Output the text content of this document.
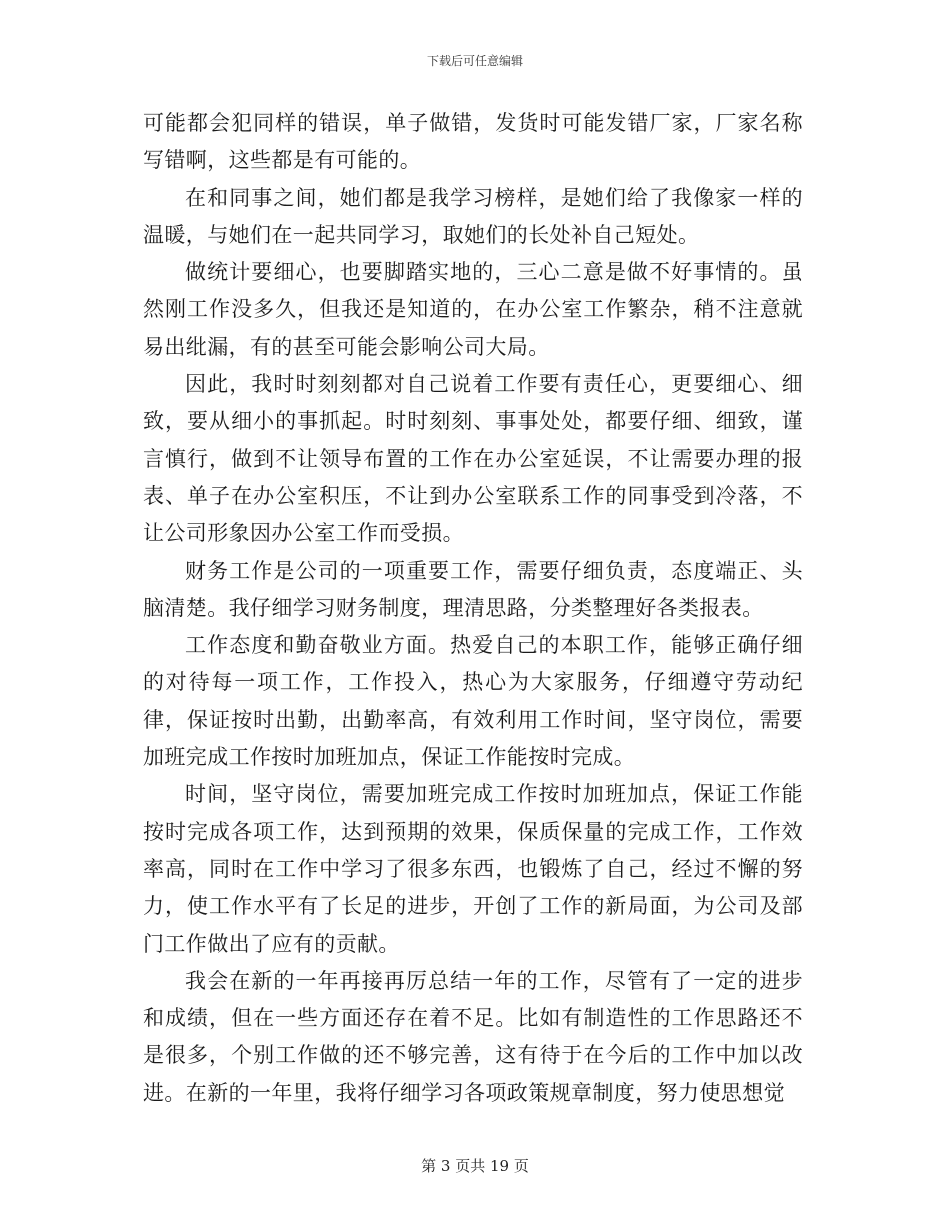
下载后可任意编辑

可能都会犯同样的错误，单子做错，发货时可能发错厂家，厂家名称写错啊，这些都是有可能的。

在和同事之间，她们都是我学习榜样，是她们给了我像家一样的温暖，与她们在一起共同学习，取她们的长处补自己短处。

做统计要细心，也要脚踏实地的，三心二意是做不好事情的。虽然刚工作没多久，但我还是知道的，在办公室工作繁杂，稍不注意就易出纰漏，有的甚至可能会影响公司大局。

因此，我时时刻刻都对自己说着工作要有责任心，更要细心、细致，要从细小的事抓起。时时刻刻、事事处处，都要仔细、细致，谨言慎行，做到不让领导布置的工作在办公室延误，不让需要办理的报表、单子在办公室积压，不让到办公室联系工作的同事受到冷落，不让公司形象因办公室工作而受损。

财务工作是公司的一项重要工作，需要仔细负责，态度端正、头脑清楚。我仔细学习财务制度，理清思路，分类整理好各类报表。

工作态度和勤奋敬业方面。热爱自己的本职工作，能够正确仔细的对待每一项工作，工作投入，热心为大家服务，仔细遵守劳动纪律，保证按时出勤，出勤率高，有效利用工作时间，坚守岗位，需要加班完成工作按时加班加点，保证工作能按时完成。

时间，坚守岗位，需要加班完成工作按时加班加点，保证工作能按时完成各项工作，达到预期的效果，保质保量的完成工作，工作效率高，同时在工作中学习了很多东西，也锻炼了自己，经过不懈的努力，使工作水平有了长足的进步，开创了工作的新局面，为公司及部门工作做出了应有的贡献。

我会在新的一年再接再厉总结一年的工作，尽管有了一定的进步和成绩，但在一些方面还存在着不足。比如有制造性的工作思路还不是很多，个别工作做的还不够完善，这有待于在今后的工作中加以改进。在新的一年里，我将仔细学习各项政策规章制度，努力使思想觉

第 3 页共 19 页
